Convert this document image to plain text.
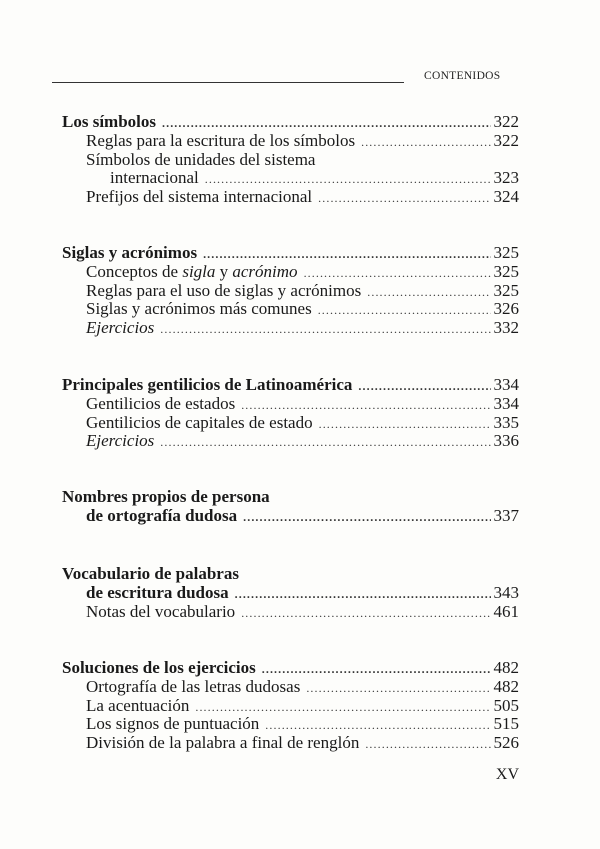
CONTENIDOS
Los símbolos .....	322
Reglas para la escritura de los símbolos .....	322
Símbolos de unidades del sistema
internacional .....	323
Prefijos del sistema internacional .....	324
Siglas y acrónimos .....	325
Conceptos de sigla y acrónimo .....	325
Reglas para el uso de siglas y acrónimos .....	325
Siglas y acrónimos más comunes .....	326
Ejercicios .....	332
Principales gentilicios de Latinoamérica .....	334
Gentilicios de estados .....	334
Gentilicios de capitales de estado .....	335
Ejercicios .....	336
Nombres propios de persona
de ortografía dudosa .....	337
Vocabulario de palabras
de escritura dudosa .....	343
Notas del vocabulario .....	461
Soluciones de los ejercicios .....	482
Ortografía de las letras dudosas .....	482
La acentuación .....	505
Los signos de puntuación .....	515
División de la palabra a final de renglón .....	526
XV
